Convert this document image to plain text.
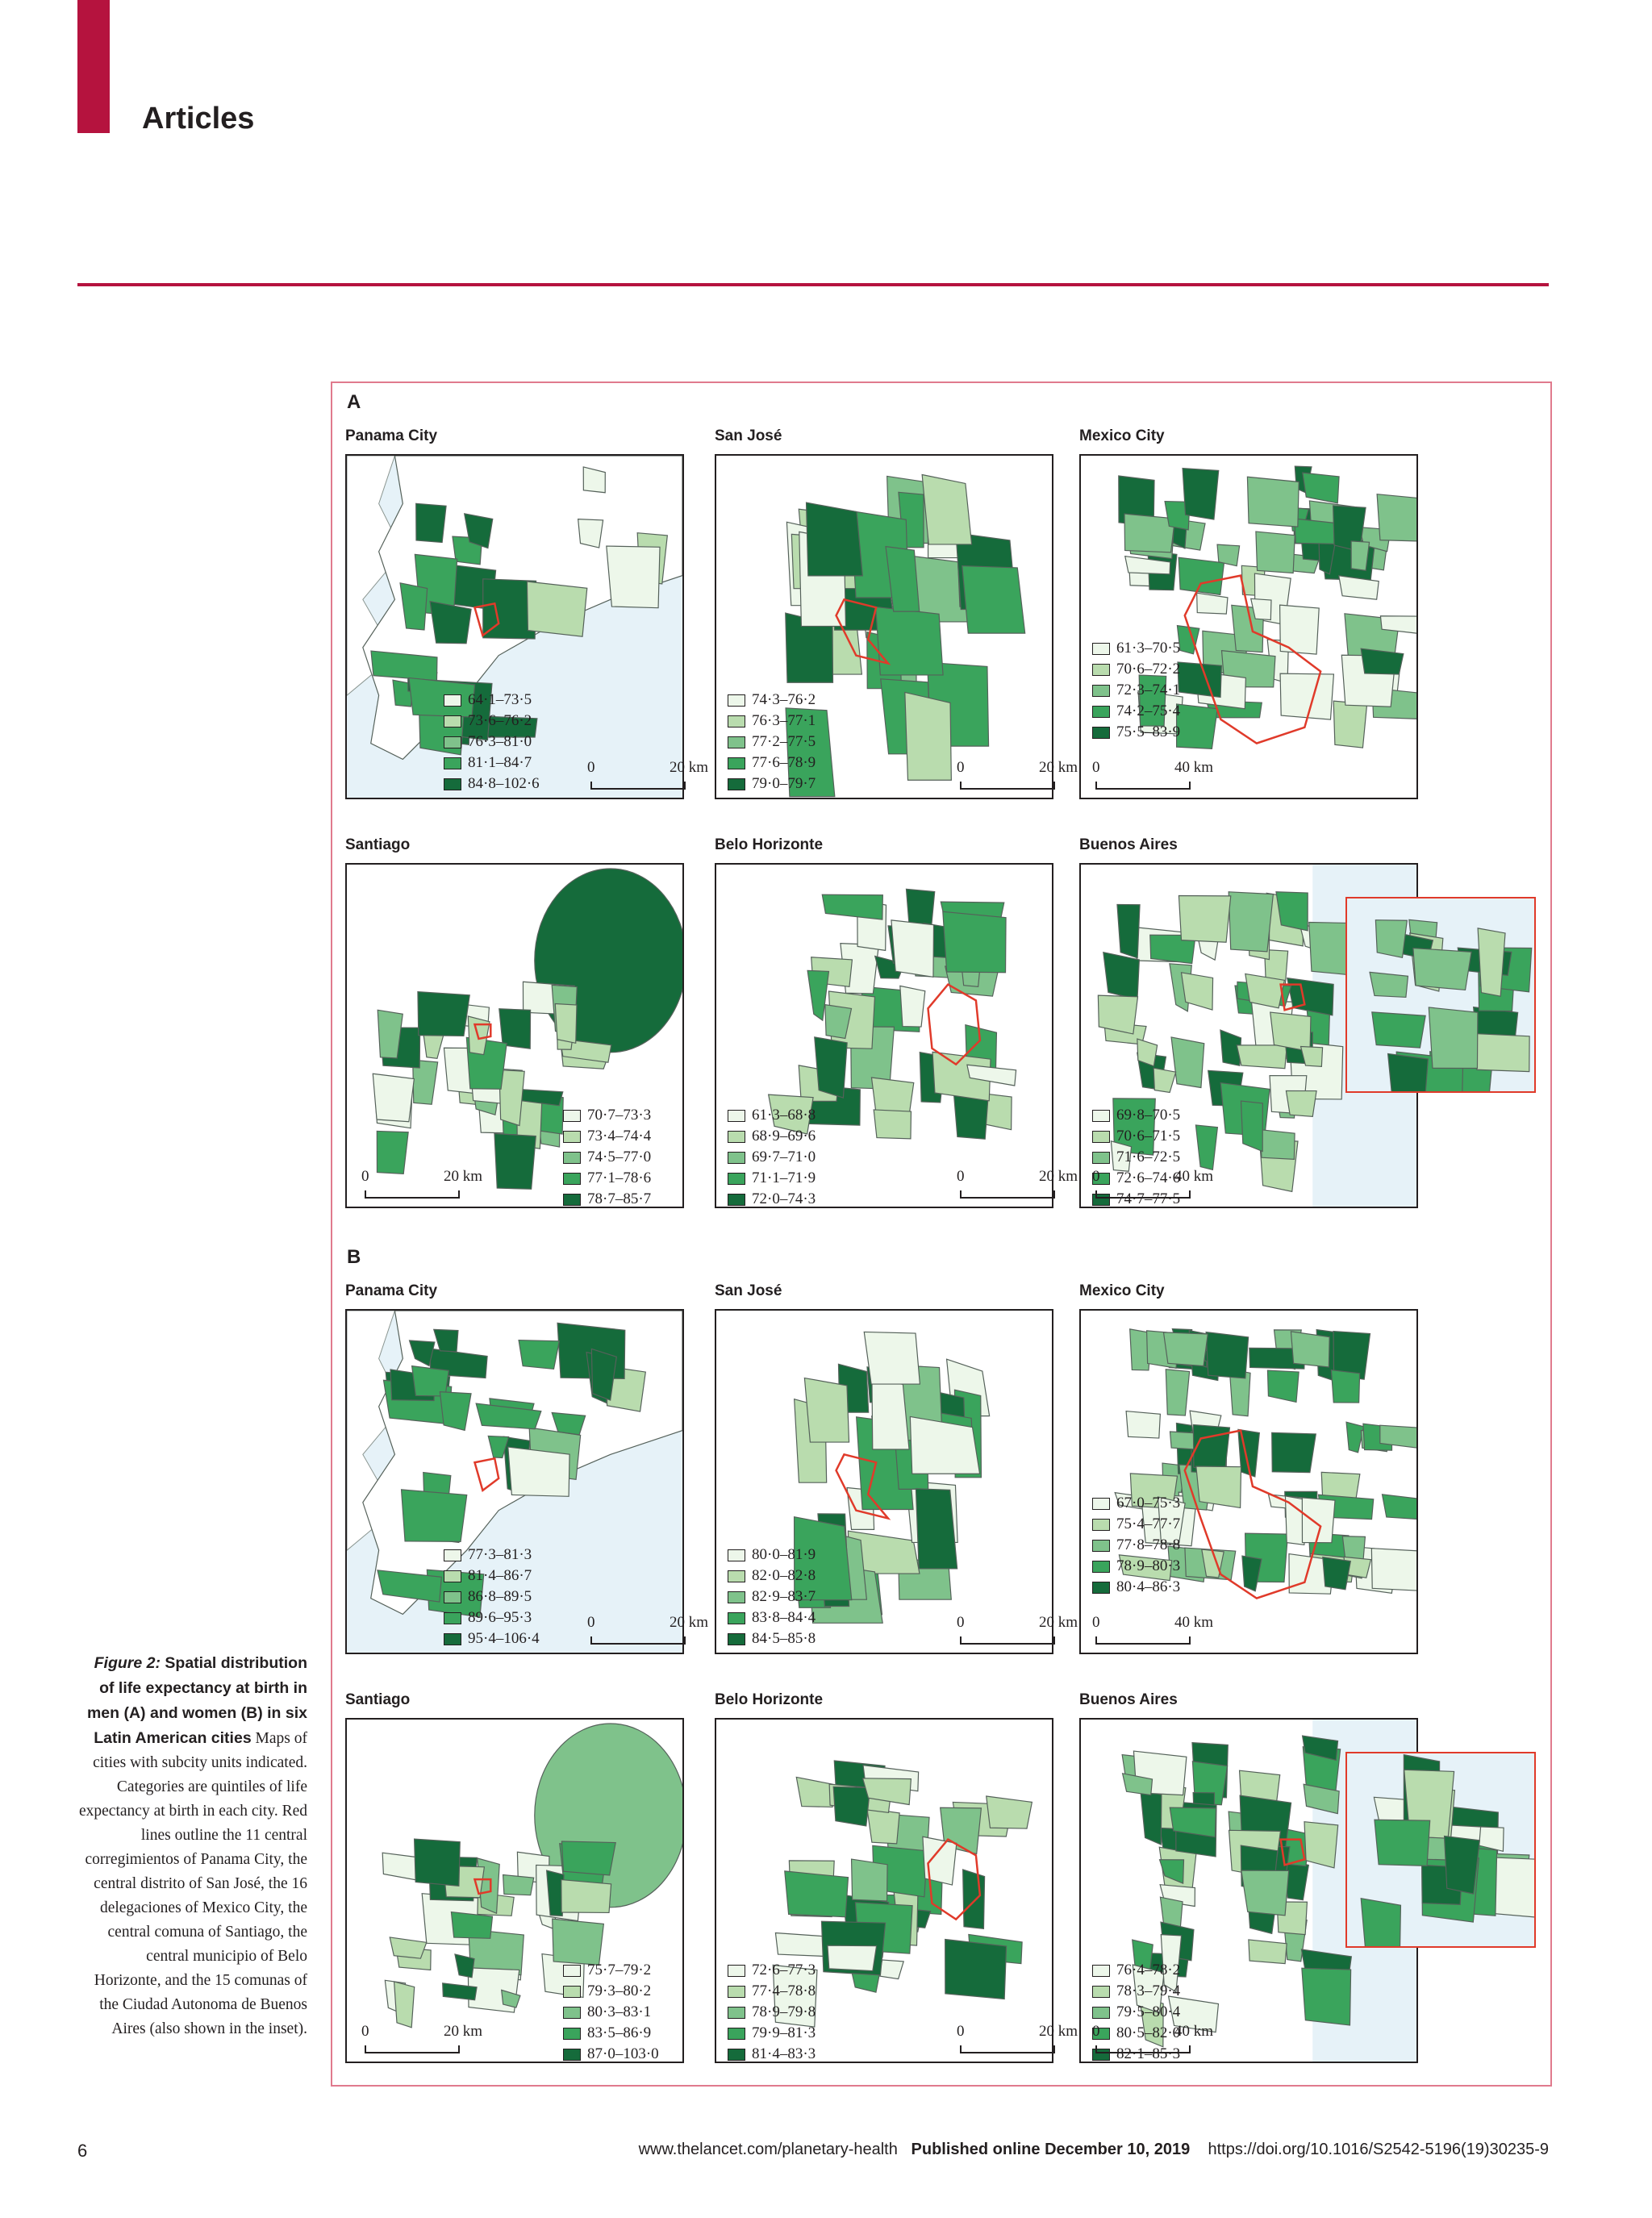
Articles
A
B
Panama City
64·1–73·5
73·6–76·2
76·3–81·0
81·1–84·7
84·8–102·6
0	20 km
San José
74·3–76·2
76·3–77·1
77·2–77·5
77·6–78·9
79·0–79·7
0	20 km
Mexico City
61·3–70·5
70·6–72·2
72·3–74·1
74·2–75·4
75·5–83·9
0	40 km
Santiago
70·7–73·3
73·4–74·4
74·5–77·0
77·1–78·6
78·7–85·7
0	20 km
Belo Horizonte
61·3–68·8
68·9–69·6
69·7–71·0
71·1–71·9
72·0–74·3
0	20 km
Buenos Aires
69·8–70·5
70·6–71·5
71·6–72·5
72·6–74·6
74·7–77·5
0	40 km
Panama City
77·3–81·3
81·4–86·7
86·8–89·5
89·6–95·3
95·4–106·4
0	20 km
San José
80·0–81·9
82·0–82·8
82·9–83·7
83·8–84·4
84·5–85·8
0	20 km
Mexico City
67·0–75·3
75·4–77·7
77·8–78·8
78·9–80·3
80·4–86·3
0	40 km
Santiago
75·7–79·2
79·3–80·2
80·3–83·1
83·5–86·9
87·0–103·0
0	20 km
Belo Horizonte
72·6–77·3
77·4–78·8
78·9–79·8
79·9–81·3
81·4–83·3
0	20 km
Buenos Aires
76·4–78·2
78·3–79·4
79·5–80·4
80·5–82·0
82·1–85·3
0	40 km
Figure 2: Spatial distribution of life expectancy at birth in men (A) and women (B) in six Latin American cities Maps of cities with subcity units indicated. Categories are quintiles of life expectancy at birth in each city. Red lines outline the 11 central corregimientos of Panama City, the central distrito of San José, the 16 delegaciones of Mexico City, the central comuna of Santiago, the central municipio of Belo Horizonte, and the 15 comunas of the Ciudad Autonoma de Buenos Aires (also shown in the inset).
6	www.thelancet.com/planetary-health Published online December 10, 2019 https://doi.org/10.1016/S2542-5196(19)30235-9
